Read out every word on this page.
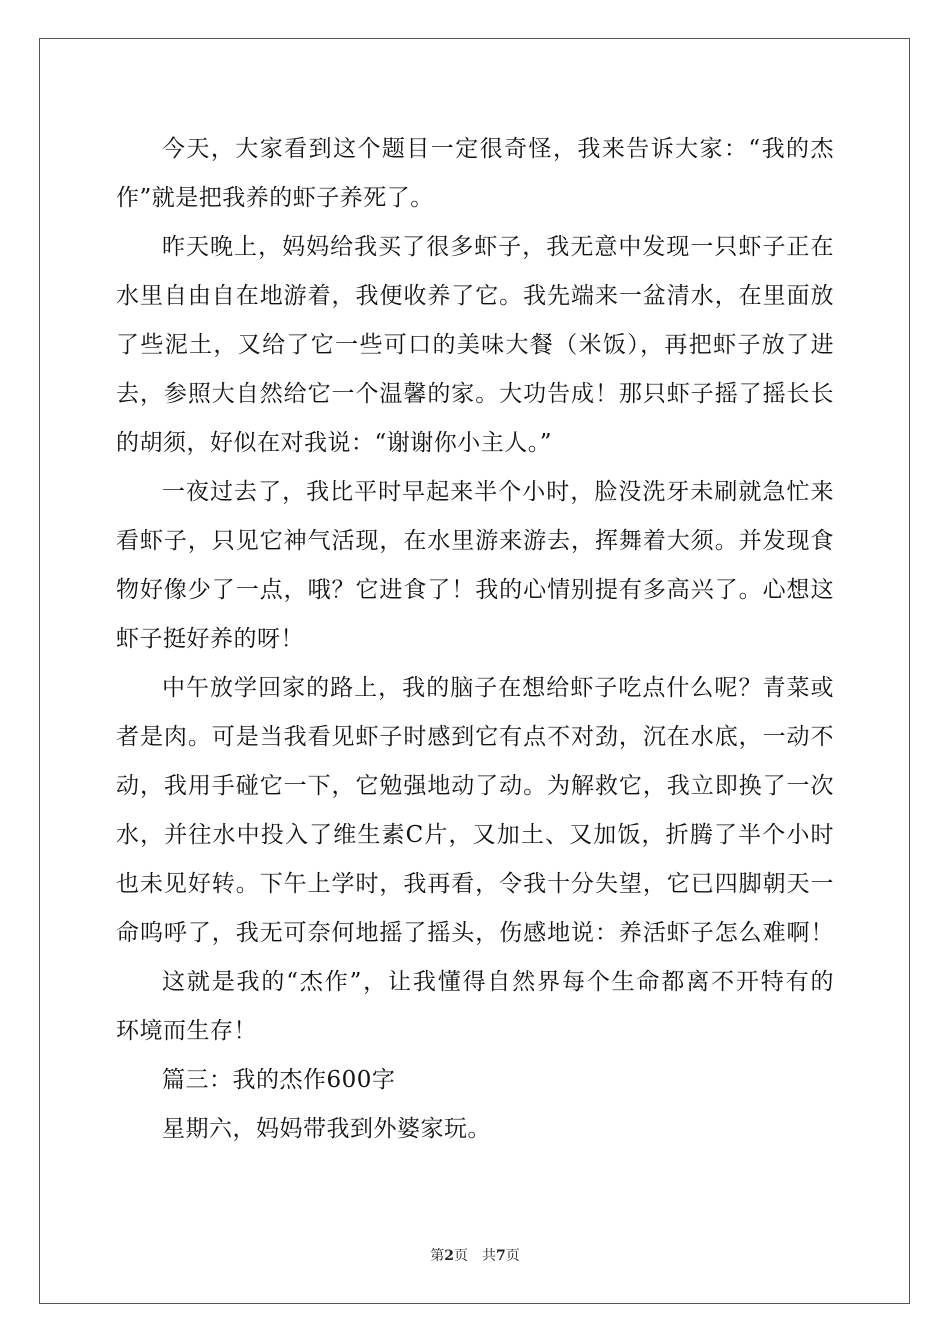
今天，大家看到这个题目一定很奇怪，我来告诉大家：“我的杰
作”就是把我养的虾子养死了。
昨天晚上，妈妈给我买了很多虾子，我无意中发现一只虾子正在
水里自由自在地游着，我便收养了它。我先端来一盆清水，在里面放
了些泥土，又给了它一些可口的美味大餐（米饭），再把虾子放了进
去，参照大自然给它一个温馨的家。大功告成！那只虾子摇了摇长长
的胡须，好似在对我说：“谢谢你小主人。”
一夜过去了，我比平时早起来半个小时，脸没洗牙未刷就急忙来
看虾子，只见它神气活现，在水里游来游去，挥舞着大须。并发现食
物好像少了一点，哦？它进食了！我的心情别提有多高兴了。心想这
虾子挺好养的呀！
中午放学回家的路上，我的脑子在想给虾子吃点什么呢？青菜或
者是肉。可是当我看见虾子时感到它有点不对劲，沉在水底，一动不
动，我用手碰它一下，它勉强地动了动。为解救它，我立即换了一次
水，并往水中投入了维生素C片，又加土、又加饭，折腾了半个小时
也未见好转。下午上学时，我再看，令我十分失望，它已四脚朝天一
命呜呼了，我无可奈何地摇了摇头，伤感地说：养活虾子怎么难啊！
这就是我的“杰作”，让我懂得自然界每个生命都离不开特有的
环境而生存！
篇三：我的杰作600字
星期六，妈妈带我到外婆家玩。
第2页 共7页
